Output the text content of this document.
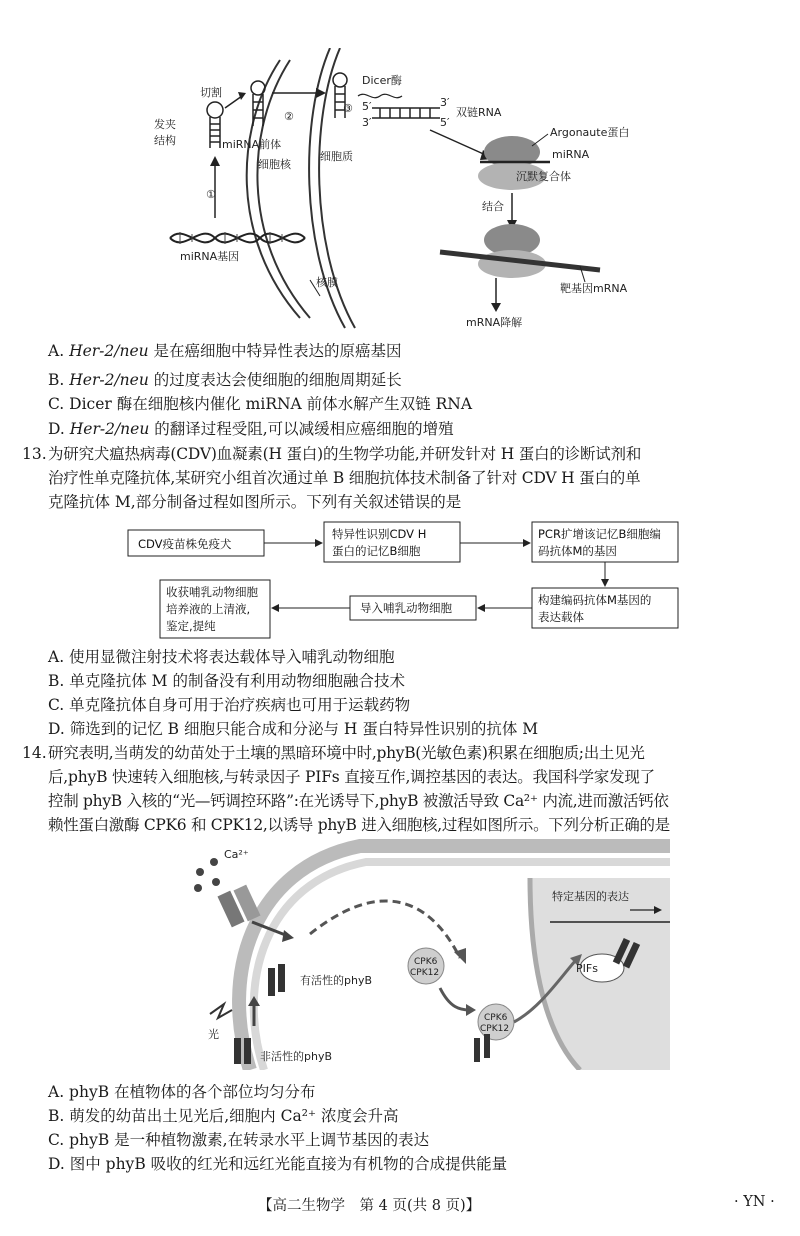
①
发夹
结构
切割
miRNA前体
②
③
Dicer酶
5′
3′
3′
5′
双链RNA
Argonaute蛋白
miRNA
沉默复合体
结合
靶基因mRNA
mRNA降解
细胞核
细胞质
miRNA基因
核膜
A. Her-2/neu 是在癌细胞中特异性表达的原癌基因
B. Her-2/neu 的过度表达会使细胞的细胞周期延长
C. Dicer 酶在细胞核内催化 miRNA 前体水解产生双链 RNA
D. Her-2/neu 的翻译过程受阻,可以减缓相应癌细胞的增殖
13. 为研究犬瘟热病毒(CDV)血凝素(H 蛋白)的生物学功能,并研发针对 H 蛋白的诊断试剂和
治疗性单克隆抗体,某研究小组首次通过单 B 细胞抗体技术制备了针对 CDV H 蛋白的单
克隆抗体 M,部分制备过程如图所示。下列有关叙述错误的是
CDV疫苗株免疫犬
特异性识别CDV H
蛋白的记忆B细胞
PCR扩增该记忆B细胞编
码抗体M的基因
构建编码抗体M基因的
表达载体
导入哺乳动物细胞
收获哺乳动物细胞
培养液的上清液,
鉴定,提纯
A. 使用显微注射技术将表达载体导入哺乳动物细胞
B. 单克隆抗体 M 的制备没有利用动物细胞融合技术
C. 单克隆抗体自身可用于治疗疾病也可用于运载药物
D. 筛选到的记忆 B 细胞只能合成和分泌与 H 蛋白特异性识别的抗体 M
14. 研究表明,当萌发的幼苗处于土壤的黑暗环境中时,phyB(光敏色素)积累在细胞质;出土见光
后,phyB 快速转入细胞核,与转录因子 PIFs 直接互作,调控基因的表达。我国科学家发现了
控制 phyB 入核的“光—钙调控环路”:在光诱导下,phyB 被激活导致 Ca²⁺ 内流,进而激活钙依
赖性蛋白激酶 CPK6 和 CPK12,以诱导 phyB 进入细胞核,过程如图所示。下列分析正确的是
Ca²⁺
有活性的phyB
CPK6
CPK12
CPK6
CPK12
特定基因的表达
PIFs
光
非活性的phyB
A. phyB 在植物体的各个部位均匀分布
B. 萌发的幼苗出土见光后,细胞内 Ca²⁺ 浓度会升高
C. phyB 是一种植物激素,在转录水平上调节基因的表达
D. 图中 phyB 吸收的红光和远红光能直接为有机物的合成提供能量
【高二生物学　第 4 页(共 8 页)】	· YN ·
